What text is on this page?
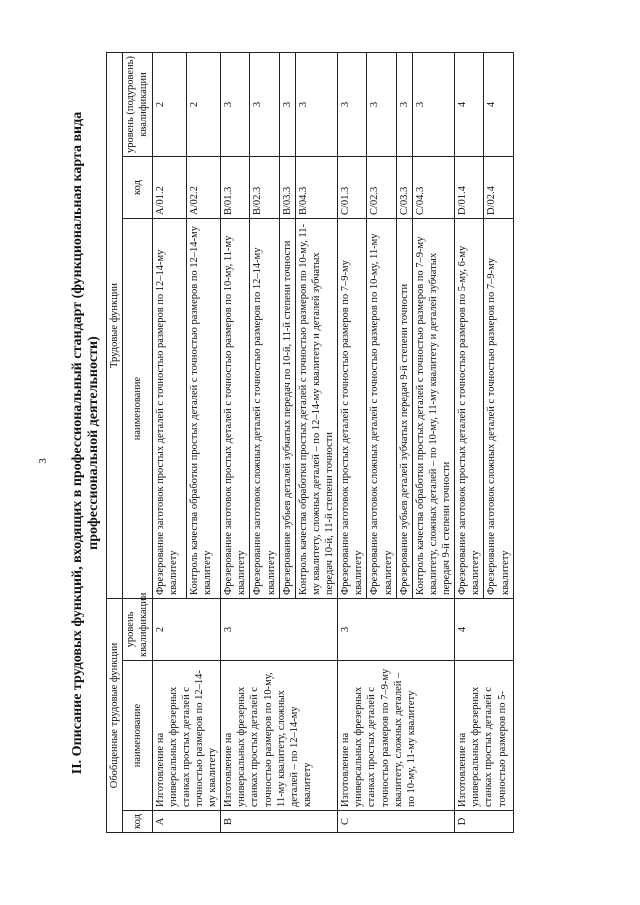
3 II. Описание трудовых функций, входящих в профессиональный стандарт (функциональная карта вида профессиональной деятельности)
Обобщенные трудовые функции			Трудовые функции		
код	наименование	уровень квалификации	наименование	код	уровень (подуровень) квалификации
A	Изготовление на универсальных фрезерных станках простых деталей с точностью размеров по 12–14-му квалитету	2	Фрезерование заготовок простых деталей с точностью размеров по 12–14-му квалитету	A/01.2	2
			Контроль качества обработки простых деталей с точностью размеров по 12–14-му квалитету	A/02.2	2
B	Изготовление на универсальных фрезерных станках простых деталей с точностью размеров по 10-му, 11-му квалитету, сложных деталей – по 12–14-му квалитету	3	Фрезерование заготовок простых деталей с точностью размеров по 10-му, 11-му квалитету	B/01.3	3
			Фрезерование заготовок сложных деталей с точностью размеров по 12–14-му квалитету	B/02.3	3
			Фрезерование зубьев деталей зубчатых передач по 10-й, 11-й степени точности	B/03.3	3
			Контроль качества обработки простых деталей с точностью размеров по 10-му, 11-му квалитету, сложных деталей – по 12–14-му квалитету и деталей зубчатых передач 10-й, 11-й степени точности	B/04.3	3
C	Изготовление на универсальных фрезерных станках простых деталей с точностью размеров по 7–9-му квалитету, сложных деталей – по 10-му, 11-му квалитету	3	Фрезерование заготовок простых деталей с точностью размеров по 7–9-му квалитету	C/01.3	3
			Фрезерование заготовок сложных деталей с точностью размеров по 10-му, 11-му квалитету	C/02.3	3
			Фрезерование зубьев деталей зубчатых передач 9-й степени точности	C/03.3	3
			Контроль качества обработки простых деталей с точностью размеров по 7–9-му квалитету, сложных деталей – по 10-му, 11-му квалитету и деталей зубчатых передач 9-й степени точности	C/04.3	3
D	Изготовление на универсальных фрезерных станках простых деталей с точностью размеров по 5-	4	Фрезерование заготовок простых деталей с точностью размеров по 5-му, 6-му квалитету	D/01.4	4
			Фрезерование заготовок сложных деталей с точностью размеров по 7–9-му квалитету	D/02.4	4
